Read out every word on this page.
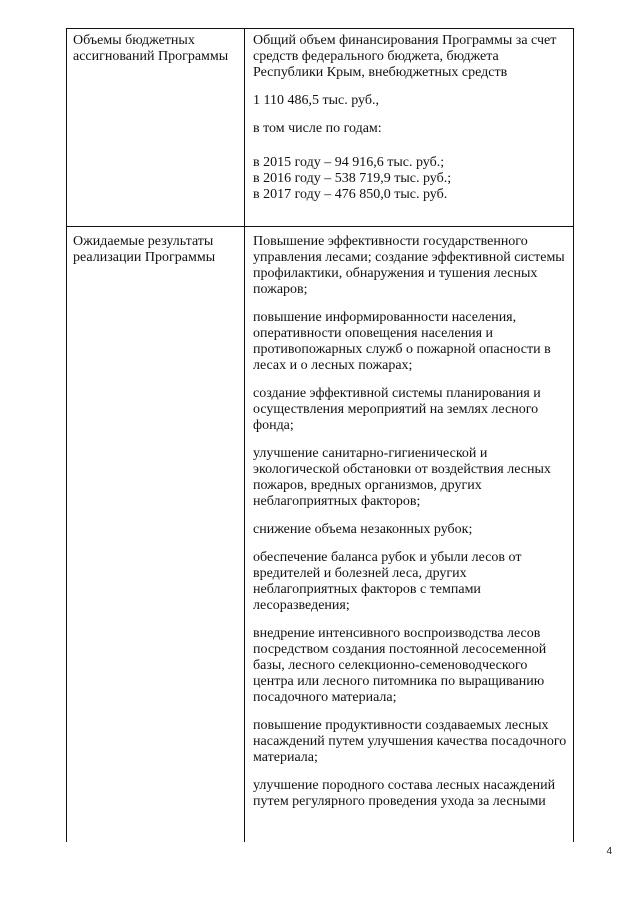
Объемы бюджетных ассигнований Программы

Общий объем финансирования Программы за счет средств федерального бюджета, бюджета Республики Крым, внебюджетных средств

1 110 486,5 тыс. руб.,

в том числе по годам:

в 2015 году – 94 916,6 тыс. руб.;
в 2016 году – 538 719,9 тыс. руб.;
в 2017 году – 476 850,0 тыс. руб.

Ожидаемые результаты реализации Программы

Повышение эффективности государственного управления лесами; создание эффективной системы профилактики, обнаружения и тушения лесных пожаров;

повышение информированности населения, оперативности оповещения населения и противопожарных служб о пожарной опасности в лесах и о лесных пожарах;

создание эффективной системы планирования и осуществления мероприятий на землях лесного фонда;

улучшение санитарно-гигиенической и экологической обстановки от воздействия лесных пожаров, вредных организмов, других неблагоприятных факторов;

снижение объема незаконных рубок;

обеспечение баланса рубок и убыли лесов от вредителей и болезней леса, других неблагоприятных факторов с темпами лесоразведения;

внедрение интенсивного воспроизводства лесов посредством создания постоянной лесосеменной базы, лесного селекционно-семеноводческого центра или лесного питомника по выращиванию посадочного материала;

повышение продуктивности создаваемых лесных насаждений путем улучшения качества посадочного материала;

улучшение породного состава лесных насаждений путем регулярного проведения ухода за лесными

4
